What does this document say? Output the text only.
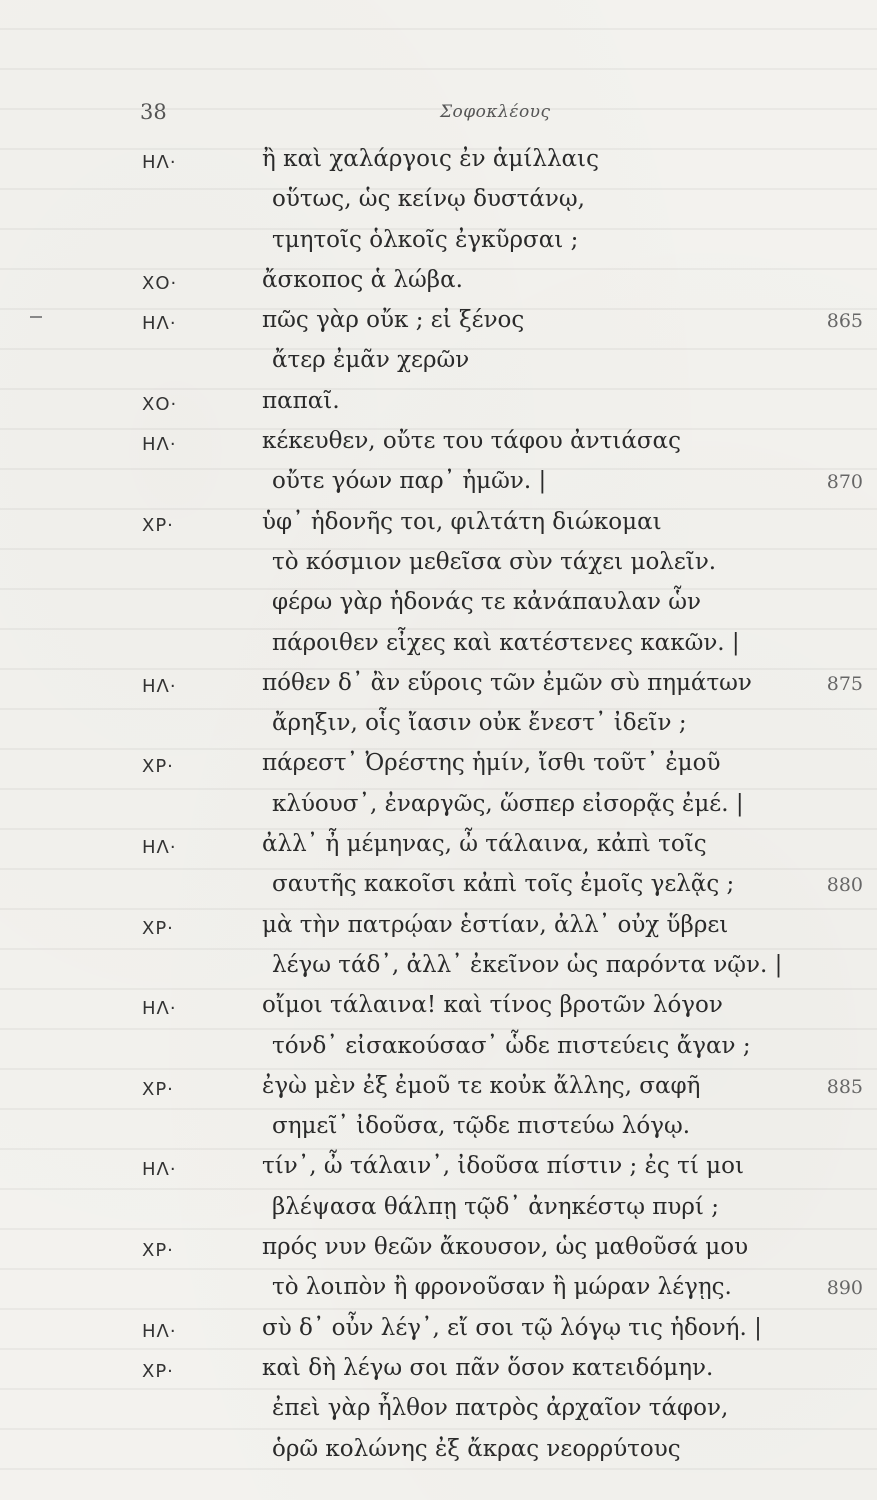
38	Σοφοκλέους
ΗΛ·	ἢ καὶ χαλάργοις ἐν ἁμίλλαις
οὕτως, ὡς κείνῳ δυστάνῳ,
τμητοῖς ὁλκοῖς ἐγκῦρσαι ;
ΧΟ·	ἄσκοπος ἁ λώβα.
ΗΛ·	πῶς γὰρ οὔκ ; εἰ ξένος	865
ἄτερ ἐμᾶν χερῶν
ΧΟ·	παπαῖ.
ΗΛ·	κέκευθεν, οὔτε του τάφου ἀντιάσας
οὔτε γόων παρ᾽ ἡμῶν. |	870
ΧΡ·	ὑφ᾽ ἡδονῆς τοι, φιλτάτη διώκομαι
τὸ κόσμιον μεθεῖσα σὺν τάχει μολεῖν.
φέρω γὰρ ἡδονάς τε κἀνάπαυλαν ὧν
πάροιθεν εἶχες καὶ κατέστενες κακῶν. |
ΗΛ·	πόθεν δ᾽ ἂν εὕροις τῶν ἐμῶν σὺ πημάτων	875
ἄρηξιν, οἷς ἴασιν οὐκ ἔνεστ᾽ ἰδεῖν ;
ΧΡ·	πάρεστ᾽ Ὀρέστης ἡμίν, ἴσθι τοῦτ᾽ ἐμοῦ
κλύουσ᾽, ἐναργῶς, ὥσπερ εἰσορᾷς ἐμέ. |
ΗΛ·	ἀλλ᾽ ἦ μέμηνας, ὦ τάλαινα, κἀπὶ τοῖς
σαυτῆς κακοῖσι κἀπὶ τοῖς ἐμοῖς γελᾷς ;	880
ΧΡ·	μὰ τὴν πατρῴαν ἑστίαν, ἀλλ᾽ οὐχ ὕβρει
λέγω τάδ᾽, ἀλλ᾽ ἐκεῖνον ὡς παρόντα νῷν. |
ΗΛ·	οἴμοι τάλαινα! καὶ τίνος βροτῶν λόγον
τόνδ᾽ εἰσακούσασ᾽ ὧδε πιστεύεις ἄγαν ;
ΧΡ·	ἐγὼ μὲν ἐξ ἐμοῦ τε κοὐκ ἄλλης, σαφῆ	885
σημεῖ᾽ ἰδοῦσα, τῷδε πιστεύω λόγῳ.
ΗΛ·	τίν᾽, ὦ τάλαιν᾽, ἰδοῦσα πίστιν ; ἐς τί μοι
βλέψασα θάλπῃ τῷδ᾽ ἀνηκέστῳ πυρί ;
ΧΡ·	πρός νυν θεῶν ἄκουσον, ὡς μαθοῦσά μου
τὸ λοιπὸν ἢ φρονοῦσαν ἢ μώραν λέγῃς.	890
ΗΛ·	σὺ δ᾽ οὖν λέγ᾽, εἴ σοι τῷ λόγῳ τις ἡδονή. |
ΧΡ·	καὶ δὴ λέγω σοι πᾶν ὅσον κατειδόμην.
ἐπεὶ γὰρ ἦλθον πατρὸς ἀρχαῖον τάφον,
ὁρῶ κολώνης ἐξ ἄκρας νεορρύτους
